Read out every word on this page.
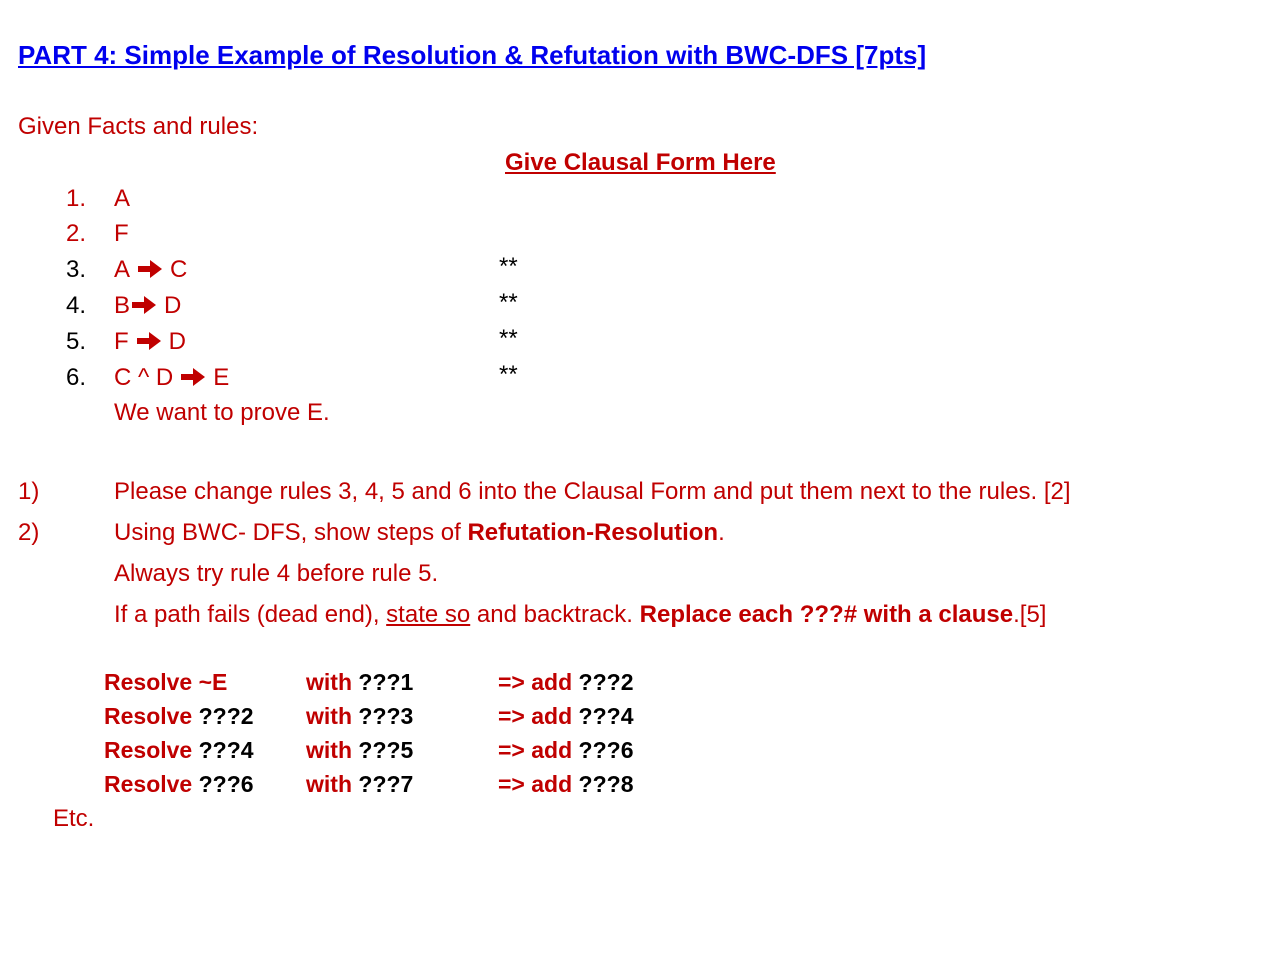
PART 4: Simple Example of Resolution & Refutation with BWC-DFS [7pts]
Given Facts and rules:
Give Clausal Form Here
1. A
2. F
3. A C	**
4. B D	**
5. F D	**
6. C ^ D E	**
We want to prove E.
1)	Please change rules 3, 4, 5 and 6 into the Clausal Form and put them next to the rules. [2]
2)	Using BWC- DFS, show steps of Refutation-Resolution.
Always try rule 4 before rule 5.
If a path fails (dead end), state so and backtrack. Replace each ???# with a clause.[5]
Resolve ~E	with ???1	=> add ???2
Resolve ???2 with ???3	=> add ???4
Resolve ???4 with ???5	=> add ???6
Resolve ???6 with ???7	=> add ???8
Etc.
